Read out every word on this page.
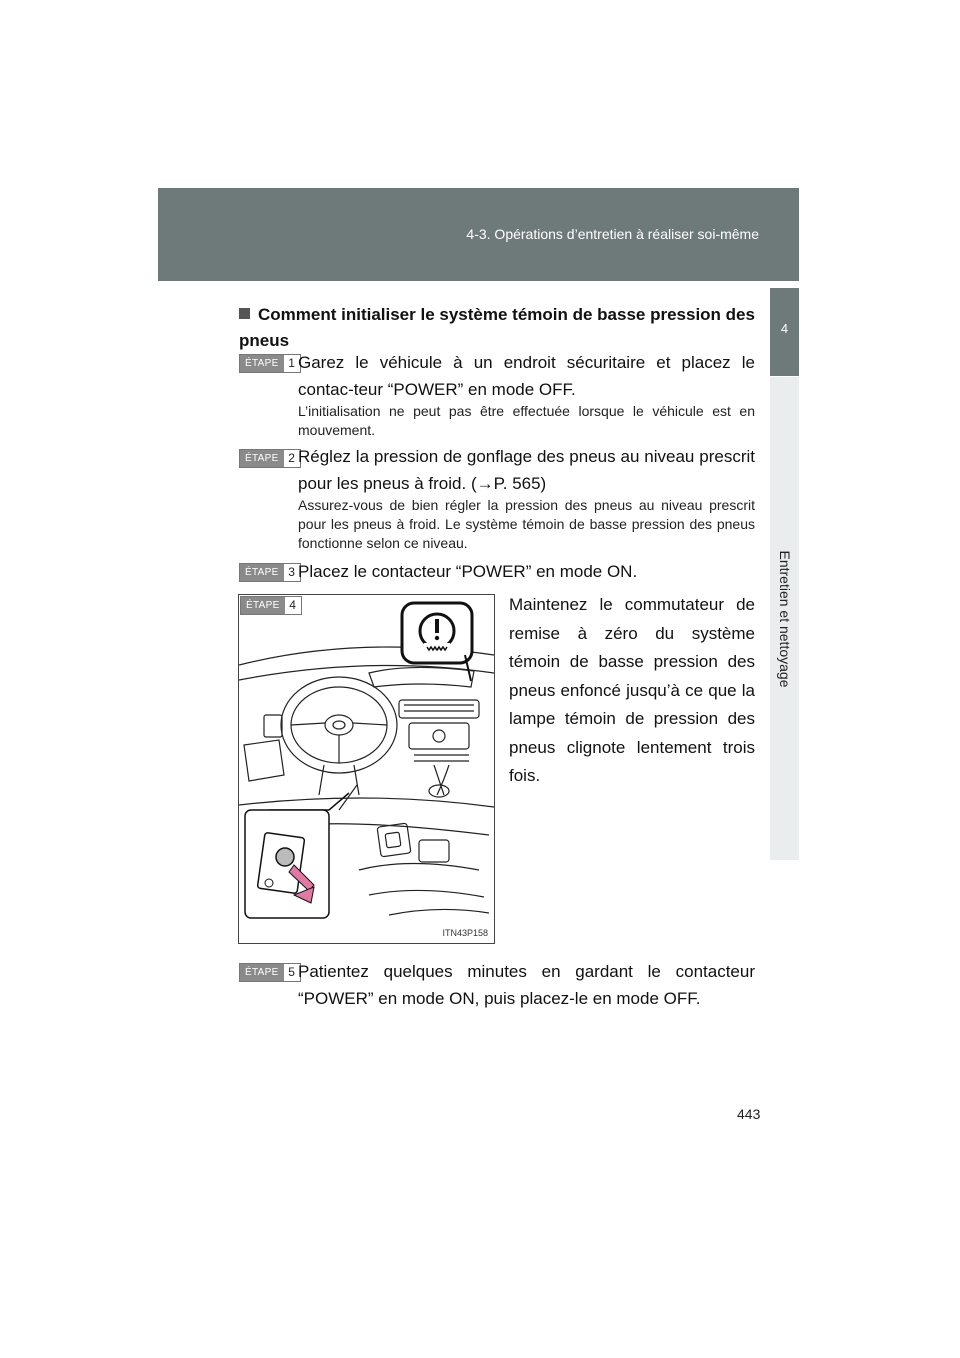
4-3. Opérations d’entretien à réaliser soi-même
4
Entretien et nettoyage
Comment initialiser le système témoin de basse pression des pneus
ÉTAPE 1 Garez le véhicule à un endroit sécuritaire et placez le contac-teur “POWER” en mode OFF.
L’initialisation ne peut pas être effectuée lorsque le véhicule est en mouvement.
ÉTAPE 2 Réglez la pression de gonflage des pneus au niveau prescrit pour les pneus à froid. (→P. 565)
Assurez-vous de bien régler la pression des pneus au niveau prescrit pour les pneus à froid. Le système témoin de basse pression des pneus fonctionne selon ce niveau.
ÉTAPE 3 Placez le contacteur “POWER” en mode ON.
ÉTAPE 4
ITN43P158
Maintenez le commutateur de remise à zéro du système témoin de basse pression des pneus enfoncé jusqu’à ce que la lampe témoin de pression des pneus clignote lentement trois fois.
ÉTAPE 5 Patientez quelques minutes en gardant le contacteur “POWER” en mode ON, puis placez-le en mode OFF.
443
